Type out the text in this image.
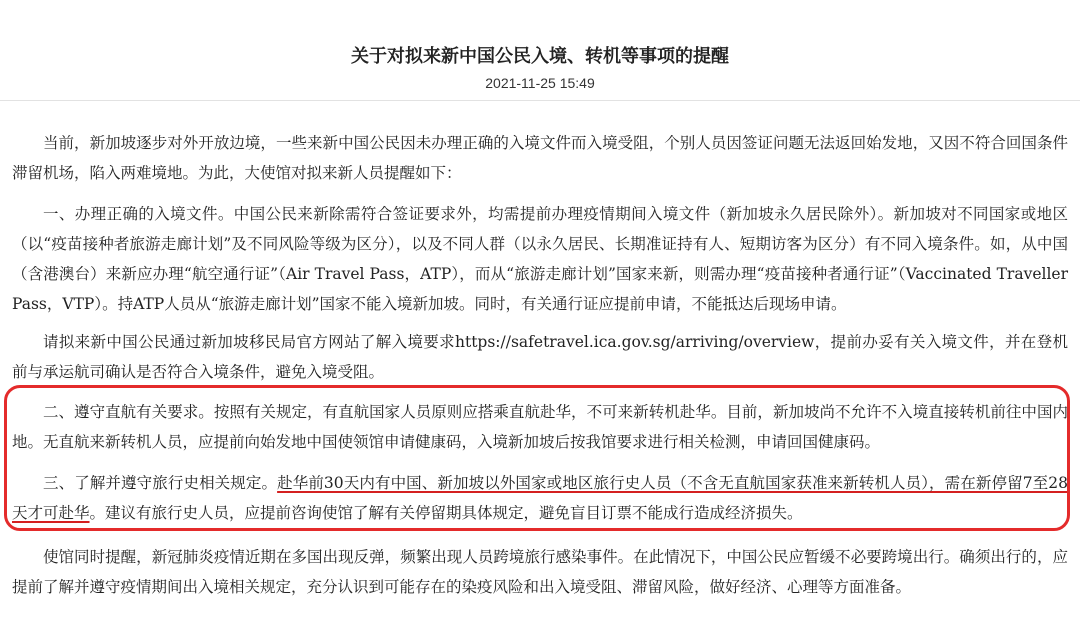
关于对拟来新中国公民入境、转机等事项的提醒
2021-11-25 15:49

当前，新加坡逐步对外开放边境，一些来新中国公民因未办理正确的入境文件而入境受阻，个别人员因签证问题无法返回始发地，又因不符合回国条件滞留机场，陷入两难境地。为此，大使馆对拟来新人员提醒如下：

一、办理正确的入境文件。中国公民来新除需符合签证要求外，均需提前办理疫情期间入境文件（新加坡永久居民除外）。新加坡对不同国家或地区（以“疫苗接种者旅游走廊计划”及不同风险等级为区分），以及不同人群（以永久居民、长期准证持有人、短期访客为区分）有不同入境条件。如，从中国（含港澳台）来新应办理“航空通行证”（Air Travel Pass，ATP），而从“旅游走廊计划”国家来新，则需办理“疫苗接种者通行证”（Vaccinated Traveller Pass，VTP）。持ATP人员从“旅游走廊计划”国家不能入境新加坡。同时，有关通行证应提前申请，不能抵达后现场申请。

请拟来新中国公民通过新加坡移民局官方网站了解入境要求https://safetravel.ica.gov.sg/arriving/overview，提前办妥有关入境文件，并在登机前与承运航司确认是否符合入境条件，避免入境受阻。

二、遵守直航有关要求。按照有关规定，有直航国家人员原则应搭乘直航赴华，不可来新转机赴华。目前，新加坡尚不允许不入境直接转机前往中国内地。无直航来新转机人员，应提前向始发地中国使领馆申请健康码，入境新加坡后按我馆要求进行相关检测，申请回国健康码。

三、了解并遵守旅行史相关规定。赴华前30天内有中国、新加坡以外国家或地区旅行史人员（不含无直航国家获准来新转机人员），需在新停留7至28天才可赴华。建议有旅行史人员，应提前咨询使馆了解有关停留期具体规定，避免盲目订票不能成行造成经济损失。

使馆同时提醒，新冠肺炎疫情近期在多国出现反弹，频繁出现人员跨境旅行感染事件。在此情况下，中国公民应暂缓不必要跨境出行。确须出行的，应提前了解并遵守疫情期间出入境相关规定，充分认识到可能存在的染疫风险和出入境受阻、滞留风险，做好经济、心理等方面准备。
